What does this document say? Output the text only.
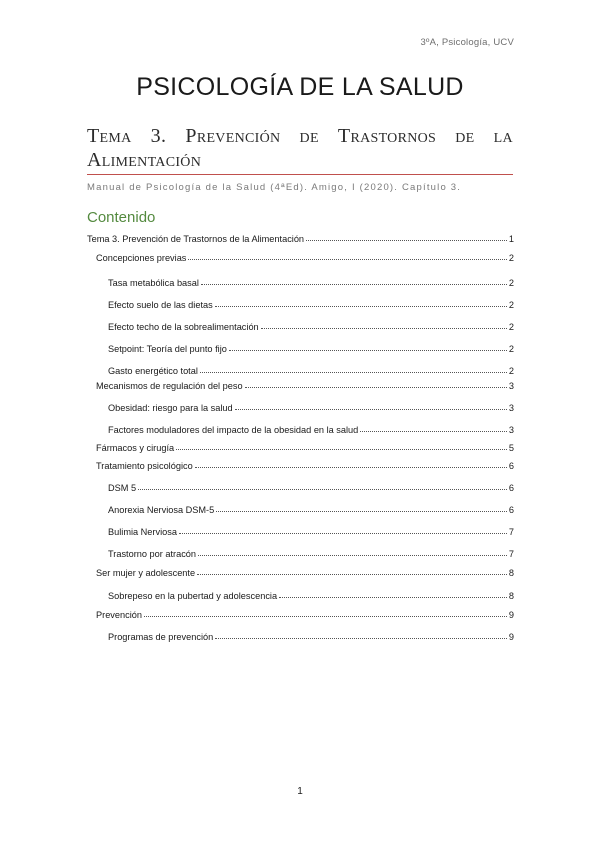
3ºA, Psicología, UCV
PSICOLOGÍA DE LA SALUD
Tema 3. Prevención de Trastornos de la
Alimentación
Manual de Psicología de la Salud (4ªEd). Amigo, I (2020). Capítulo 3.
Contenido
Tema 3. Prevención de Trastornos de la Alimentación	1
Concepciones previas	2
Tasa metabólica basal	2
Efecto suelo de las dietas	2
Efecto techo de la sobrealimentación	2
Setpoint: Teoría del punto fijo	2
Gasto energético total	2
Mecanismos de regulación del peso	3
Obesidad: riesgo para la salud	3
Factores moduladores del impacto de la obesidad en la salud	3
Fármacos y cirugía	5
Tratamiento psicológico	6
DSM 5	6
Anorexia Nerviosa DSM-5	6
Bulimia Nerviosa	7
Trastorno por atracón	7
Ser mujer y adolescente	8
Sobrepeso en la pubertad y adolescencia	8
Prevención	9
Programas de prevención	9
1
